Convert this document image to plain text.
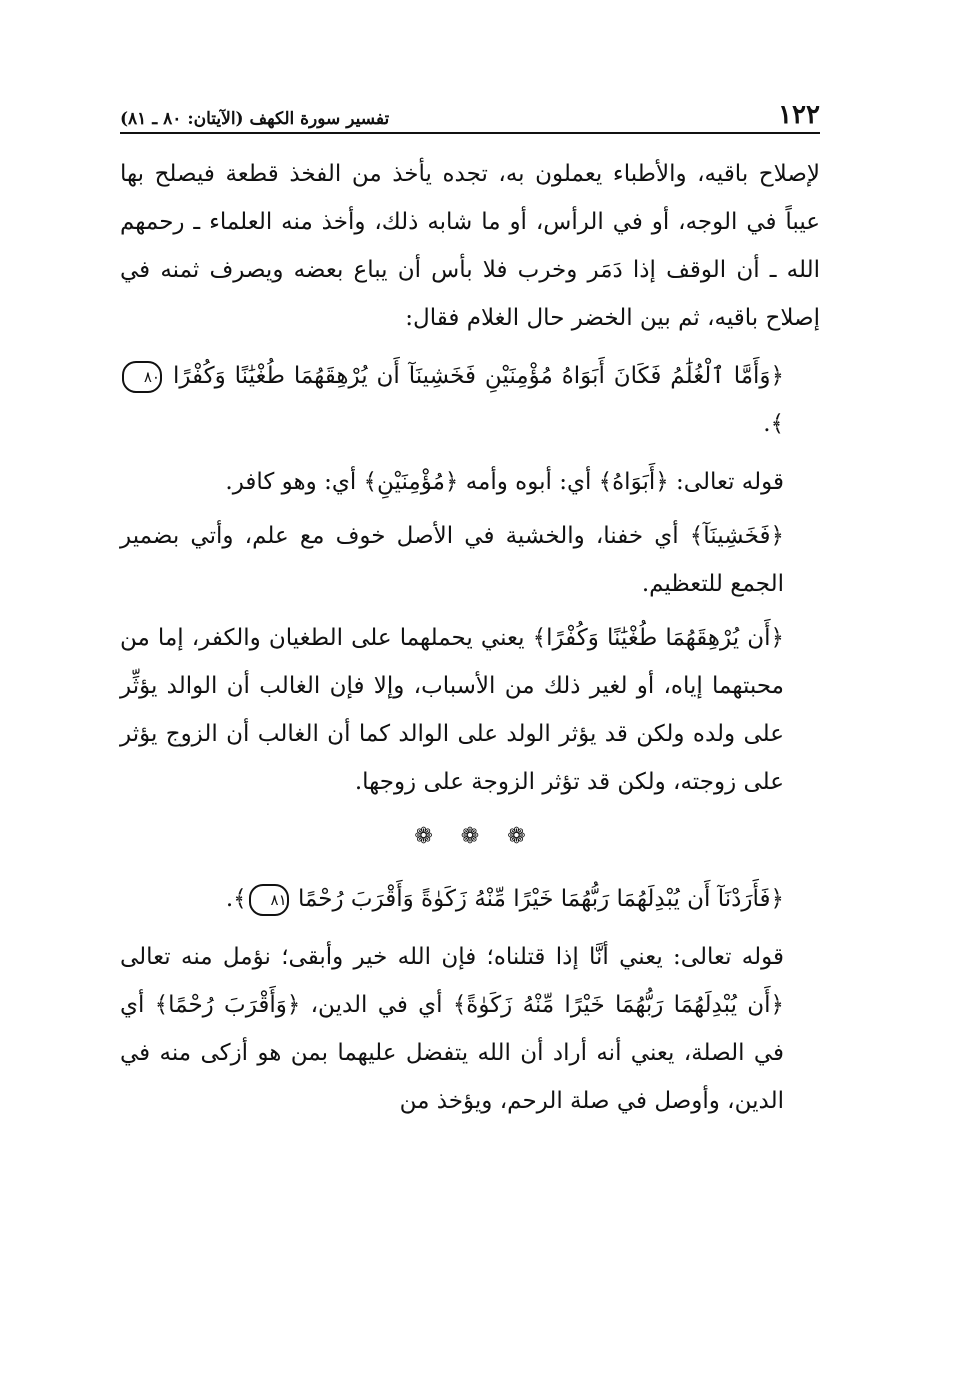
١٢٢
تفسير سورة الكهف (الآيتان: ٨٠ ـ ٨١)

لإصلاح باقيه، والأطباء يعملون به، تجده يأخذ من الفخذ قطعة فيصلح بها عيباً في الوجه، أو في الرأس، أو ما شابه ذلك، وأخذ منه العلماء ـ رحمهم الله ـ أن الوقف إذا دَمَر وخرب فلا بأس أن يباع بعضه ويصرف ثمنه في إصلاح باقيه، ثم بين الخضر حال الغلام فقال:

﴿وَأَمَّا ٱلْغُلَٰمُ فَكَانَ أَبَوَاهُ مُؤْمِنَيْنِ فَخَشِينَآ أَن يُرْهِقَهُمَا طُغْيَٰنًا وَكُفْرًا ٨٠﴾.

قوله تعالى: ﴿أَبَوَاهُ﴾ أي: أبوه وأمه ﴿مُؤْمِنَيْنِ﴾ أي: وهو كافر.

﴿فَخَشِينَآ﴾ أي خفنا، والخشية في الأصل خوف مع علم، وأتي بضمير الجمع للتعظيم.

﴿أَن يُرْهِقَهُمَا طُغْيَٰنًا وَكُفْرًا﴾ يعني يحملهما على الطغيان والكفر، إما من محبتهما إياه، أو لغير ذلك من الأسباب، وإلا فإن الغالب أن الوالد يؤثِّر على ولده ولكن قد يؤثر الولد على الوالد كما أن الغالب أن الزوج يؤثر على زوجته، ولكن قد تؤثر الزوجة على زوجها.

❁
❁
❁

﴿فَأَرَدْنَآ أَن يُبْدِلَهُمَا رَبُّهُمَا خَيْرًا مِّنْهُ زَكَوٰةً وَأَقْرَبَ رُحْمًا ٨١﴾.

قوله تعالى: يعني أنَّا إذا قتلناه؛ فإن الله خير وأبقى؛ نؤمل منه تعالى ﴿أَن يُبْدِلَهُمَا رَبُّهُمَا خَيْرًا مِّنْهُ زَكَوٰةً﴾ أي في الدين، ﴿وَأَقْرَبَ رُحْمًا﴾ أي في الصلة، يعني أنه أراد أن الله يتفضل عليهما بمن هو أزكى منه في الدين، وأوصل في صلة الرحم، ويؤخذ من
